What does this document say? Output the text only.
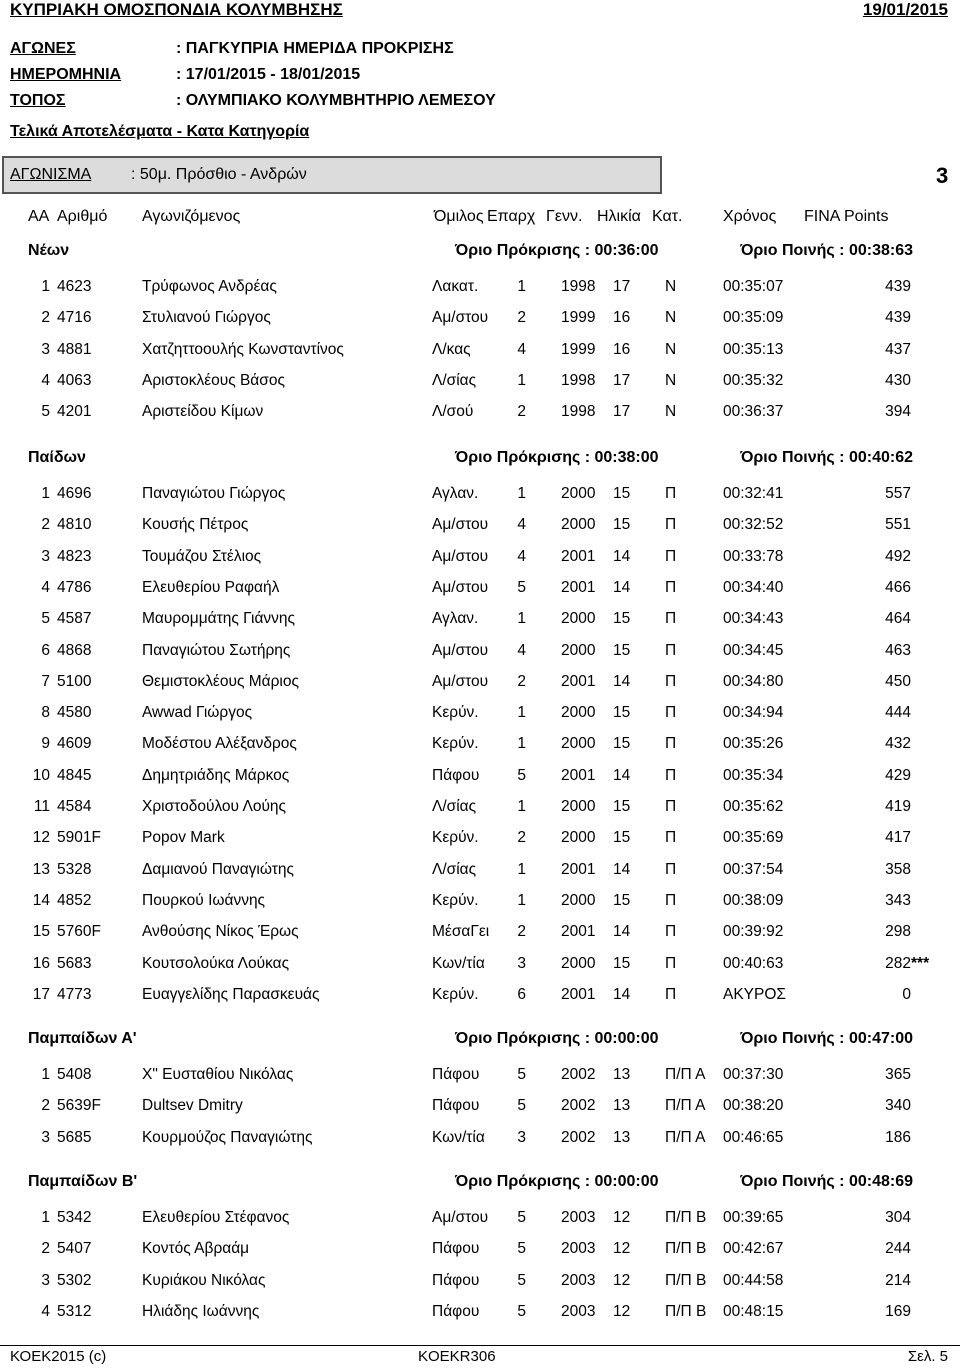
ΚΥΠΡΙΑΚΗ ΟΜΟΣΠΟΝΔΙΑ ΚΟΛΥΜΒΗΣΗΣ	19/01/2015
ΑΓΩΝΕΣ	: ΠΑΓΚΥΠΡΙΑ ΗΜΕΡΙΔΑ ΠΡΟΚΡΙΣΗΣ
ΗΜΕΡΟΜΗΝΙΑ	: 17/01/2015 - 18/01/2015
ΤΟΠΟΣ	: ΟΛΥΜΠΙΑΚΟ ΚΟΛΥΜΒΗΤΗΡΙΟ ΛΕΜΕΣΟΥ
Τελικά Αποτελέσματα - Κατα Κατηγορία
ΑΓΩΝΙΣΜΑ : 50μ. Πρόσθιο - Ανδρών	3
ΑΑ Αριθμό Αγωνιζόμενος	Όμιλος Επαρχ Γενν. Ηλικία Κατ.	Χρόνος FINA Points
Νέων	Όριο Πρόκρισης : 00:36:00	Όριο Ποινής : 00:38:63
1 4623	Τρύφωνος Ανδρέας	Λακατ.	1 1998 17 Ν	00:35:07	439
2 4716	Στυλιανού Γιώργος	Αμ/στου	2 1999 16 Ν	00:35:09	439
3 4881	Χατζηττοουλής Κωνσταντίνος	Λ/κας	4 1999 16 Ν	00:35:13	437
4 4063	Αριστοκλέους Βάσος	Λ/σίας	1 1998 17 Ν	00:35:32	430
5 4201	Αριστείδου Κίμων	Λ/σού	2 1998 17 Ν	00:36:37	394
Παίδων	Όριο Πρόκρισης : 00:38:00	Όριο Ποινής : 00:40:62
1 4696	Παναγιώτου Γιώργος	Αγλαν.	1 2000 15 Π	00:32:41	557
2 4810	Κουσής Πέτρος	Αμ/στου	4 2000 15 Π	00:32:52	551
3 4823	Τουμάζου Στέλιος	Αμ/στου	4 2001 14 Π	00:33:78	492
4 4786	Ελευθερίου Ραφαήλ	Αμ/στου	5 2001 14 Π	00:34:40	466
5 4587	Μαυρομμάτης Γιάννης	Αγλαν.	1 2000 15 Π	00:34:43	464
6 4868	Παναγιώτου Σωτήρης	Αμ/στου	4 2000 15 Π	00:34:45	463
7 5100	Θεμιστοκλέους Μάριος	Αμ/στου	2 2001 14 Π	00:34:80	450
8 4580	Awwad Γιώργος	Κερύν.	1 2000 15 Π	00:34:94	444
9 4609	Μοδέστου Αλέξανδρος	Κερύν.	1 2000 15 Π	00:35:26	432
10 4845	Δημητριάδης Μάρκος	Πάφου	5 2001 14 Π	00:35:34	429
11 4584	Χριστοδούλου Λούης	Λ/σίας	1 2000 15 Π	00:35:62	419
12 5901F	Popov Mark	Κερύν.	2 2000 15 Π	00:35:69	417
13 5328	Δαμιανού Παναγιώτης	Λ/σίας	1 2001 14 Π	00:37:54	358
14 4852	Πουρκού Ιωάννης	Κερύν.	1 2000 15 Π	00:38:09	343
15 5760F	Ανθούσης Νίκος Έρως	ΜέσαΓει	2 2001 14 Π	00:39:92	298
16 5683	Κουτσολούκα Λούκας	Κων/τία	3 2000 15 Π	00:40:63	282 ***
17 4773	Ευαγγελίδης Παρασκευάς	Κερύν.	6 2001 14 Π	ΑΚΥΡΟΣ	0
Παμπαίδων Α'	Όριο Πρόκρισης : 00:00:00	Όριο Ποινής : 00:47:00
1 5408	Χ" Ευσταθίου Νικόλας	Πάφου	5 2002 13 Π/Π Α 00:37:30	365
2 5639F	Dultsev Dmitry	Πάφου	5 2002 13 Π/Π Α 00:38:20	340
3 5685	Κουρμούζος Παναγιώτης	Κων/τία	3 2002 13 Π/Π Α 00:46:65	186
Παμπαίδων Β'	Όριο Πρόκρισης : 00:00:00	Όριο Ποινής : 00:48:69
1 5342	Ελευθερίου Στέφανος	Αμ/στου	5 2003 12 Π/Π Β 00:39:65	304
2 5407	Κοντός Αβραάμ	Πάφου	5 2003 12 Π/Π Β 00:42:67	244
3 5302	Κυριάκου Νικόλας	Πάφου	5 2003 12 Π/Π Β 00:44:58	214
4 5312	Ηλιάδης Ιωάννης	Πάφου	5 2003 12 Π/Π Β 00:48:15	169
ΚΟΕΚ2015 (c)	KOEKR306	Σελ. 5
